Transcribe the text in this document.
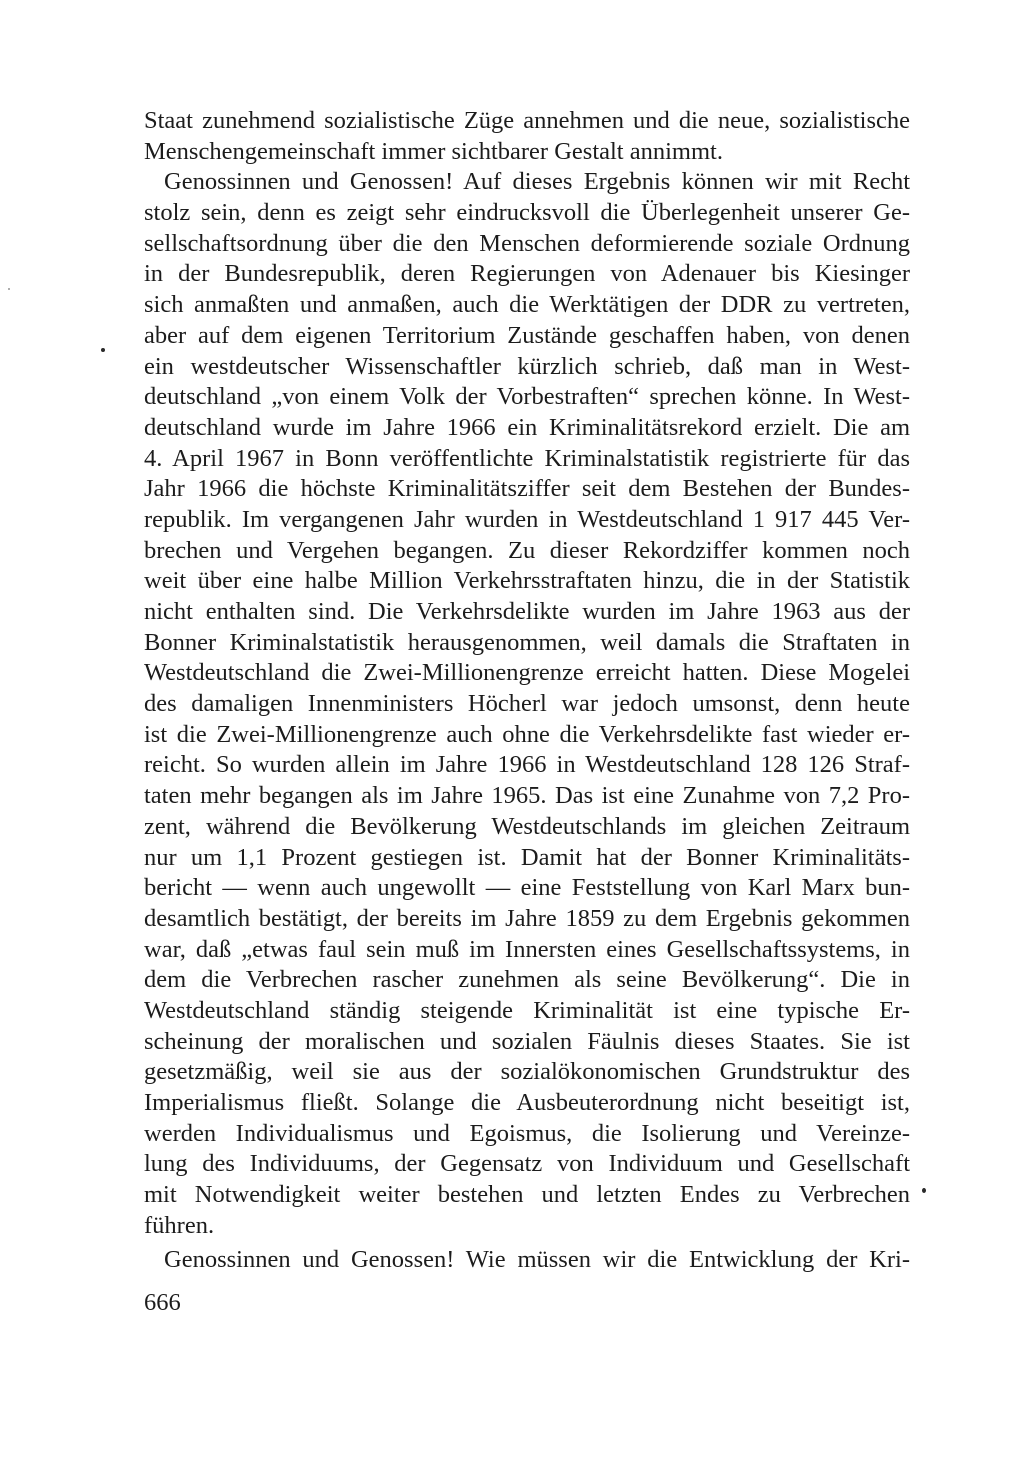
Staat zunehmend sozialistische Züge annehmen und die neue, sozialistische
Menschengemeinschaft immer sichtbarer Gestalt annimmt.
Genossinnen und Genossen! Auf dieses Ergebnis können wir mit Recht
stolz sein, denn es zeigt sehr eindrucksvoll die Überlegenheit unserer Ge-
sellschaftsordnung über die den Menschen deformierende soziale Ordnung
in der Bundesrepublik, deren Regierungen von Adenauer bis Kiesinger
sich anmaßten und anmaßen, auch die Werktätigen der DDR zu vertreten,
aber auf dem eigenen Territorium Zustände geschaffen haben, von denen
ein westdeutscher Wissenschaftler kürzlich schrieb, daß man in West-
deutschland „von einem Volk der Vorbestraften“ sprechen könne. In West-
deutschland wurde im Jahre 1966 ein Kriminalitätsrekord erzielt. Die am
4. April 1967 in Bonn veröffentlichte Kriminalstatistik registrierte für das
Jahr 1966 die höchste Kriminalitätsziffer seit dem Bestehen der Bundes-
republik. Im vergangenen Jahr wurden in Westdeutschland 1 917 445 Ver-
brechen und Vergehen begangen. Zu dieser Rekordziffer kommen noch
weit über eine halbe Million Verkehrsstraftaten hinzu, die in der Statistik
nicht enthalten sind. Die Verkehrsdelikte wurden im Jahre 1963 aus der
Bonner Kriminalstatistik herausgenommen, weil damals die Straftaten in
Westdeutschland die Zwei-Millionengrenze erreicht hatten. Diese Mogelei
des damaligen Innenministers Höcherl war jedoch umsonst, denn heute
ist die Zwei-Millionengrenze auch ohne die Verkehrsdelikte fast wieder er-
reicht. So wurden allein im Jahre 1966 in Westdeutschland 128 126 Straf-
taten mehr begangen als im Jahre 1965. Das ist eine Zunahme von 7,2 Pro-
zent, während die Bevölkerung Westdeutschlands im gleichen Zeitraum
nur um 1,1 Prozent gestiegen ist. Damit hat der Bonner Kriminalitäts-
bericht — wenn auch ungewollt — eine Feststellung von Karl Marx bun-
desamtlich bestätigt, der bereits im Jahre 1859 zu dem Ergebnis gekommen
war, daß „etwas faul sein muß im Innersten eines Gesellschaftssystems, in
dem die Verbrechen rascher zunehmen als seine Bevölkerung“. Die in
Westdeutschland ständig steigende Kriminalität ist eine typische Er-
scheinung der moralischen und sozialen Fäulnis dieses Staates. Sie ist
gesetzmäßig, weil sie aus der sozialökonomischen Grundstruktur des
Imperialismus fließt. Solange die Ausbeuterordnung nicht beseitigt ist,
werden Individualismus und Egoismus, die Isolierung und Vereinze-
lung des Individuums, der Gegensatz von Individuum und Gesellschaft
mit Notwendigkeit weiter bestehen und letzten Endes zu Verbrechen
führen.
Genossinnen und Genossen! Wie müssen wir die Entwicklung der Kri-
666
